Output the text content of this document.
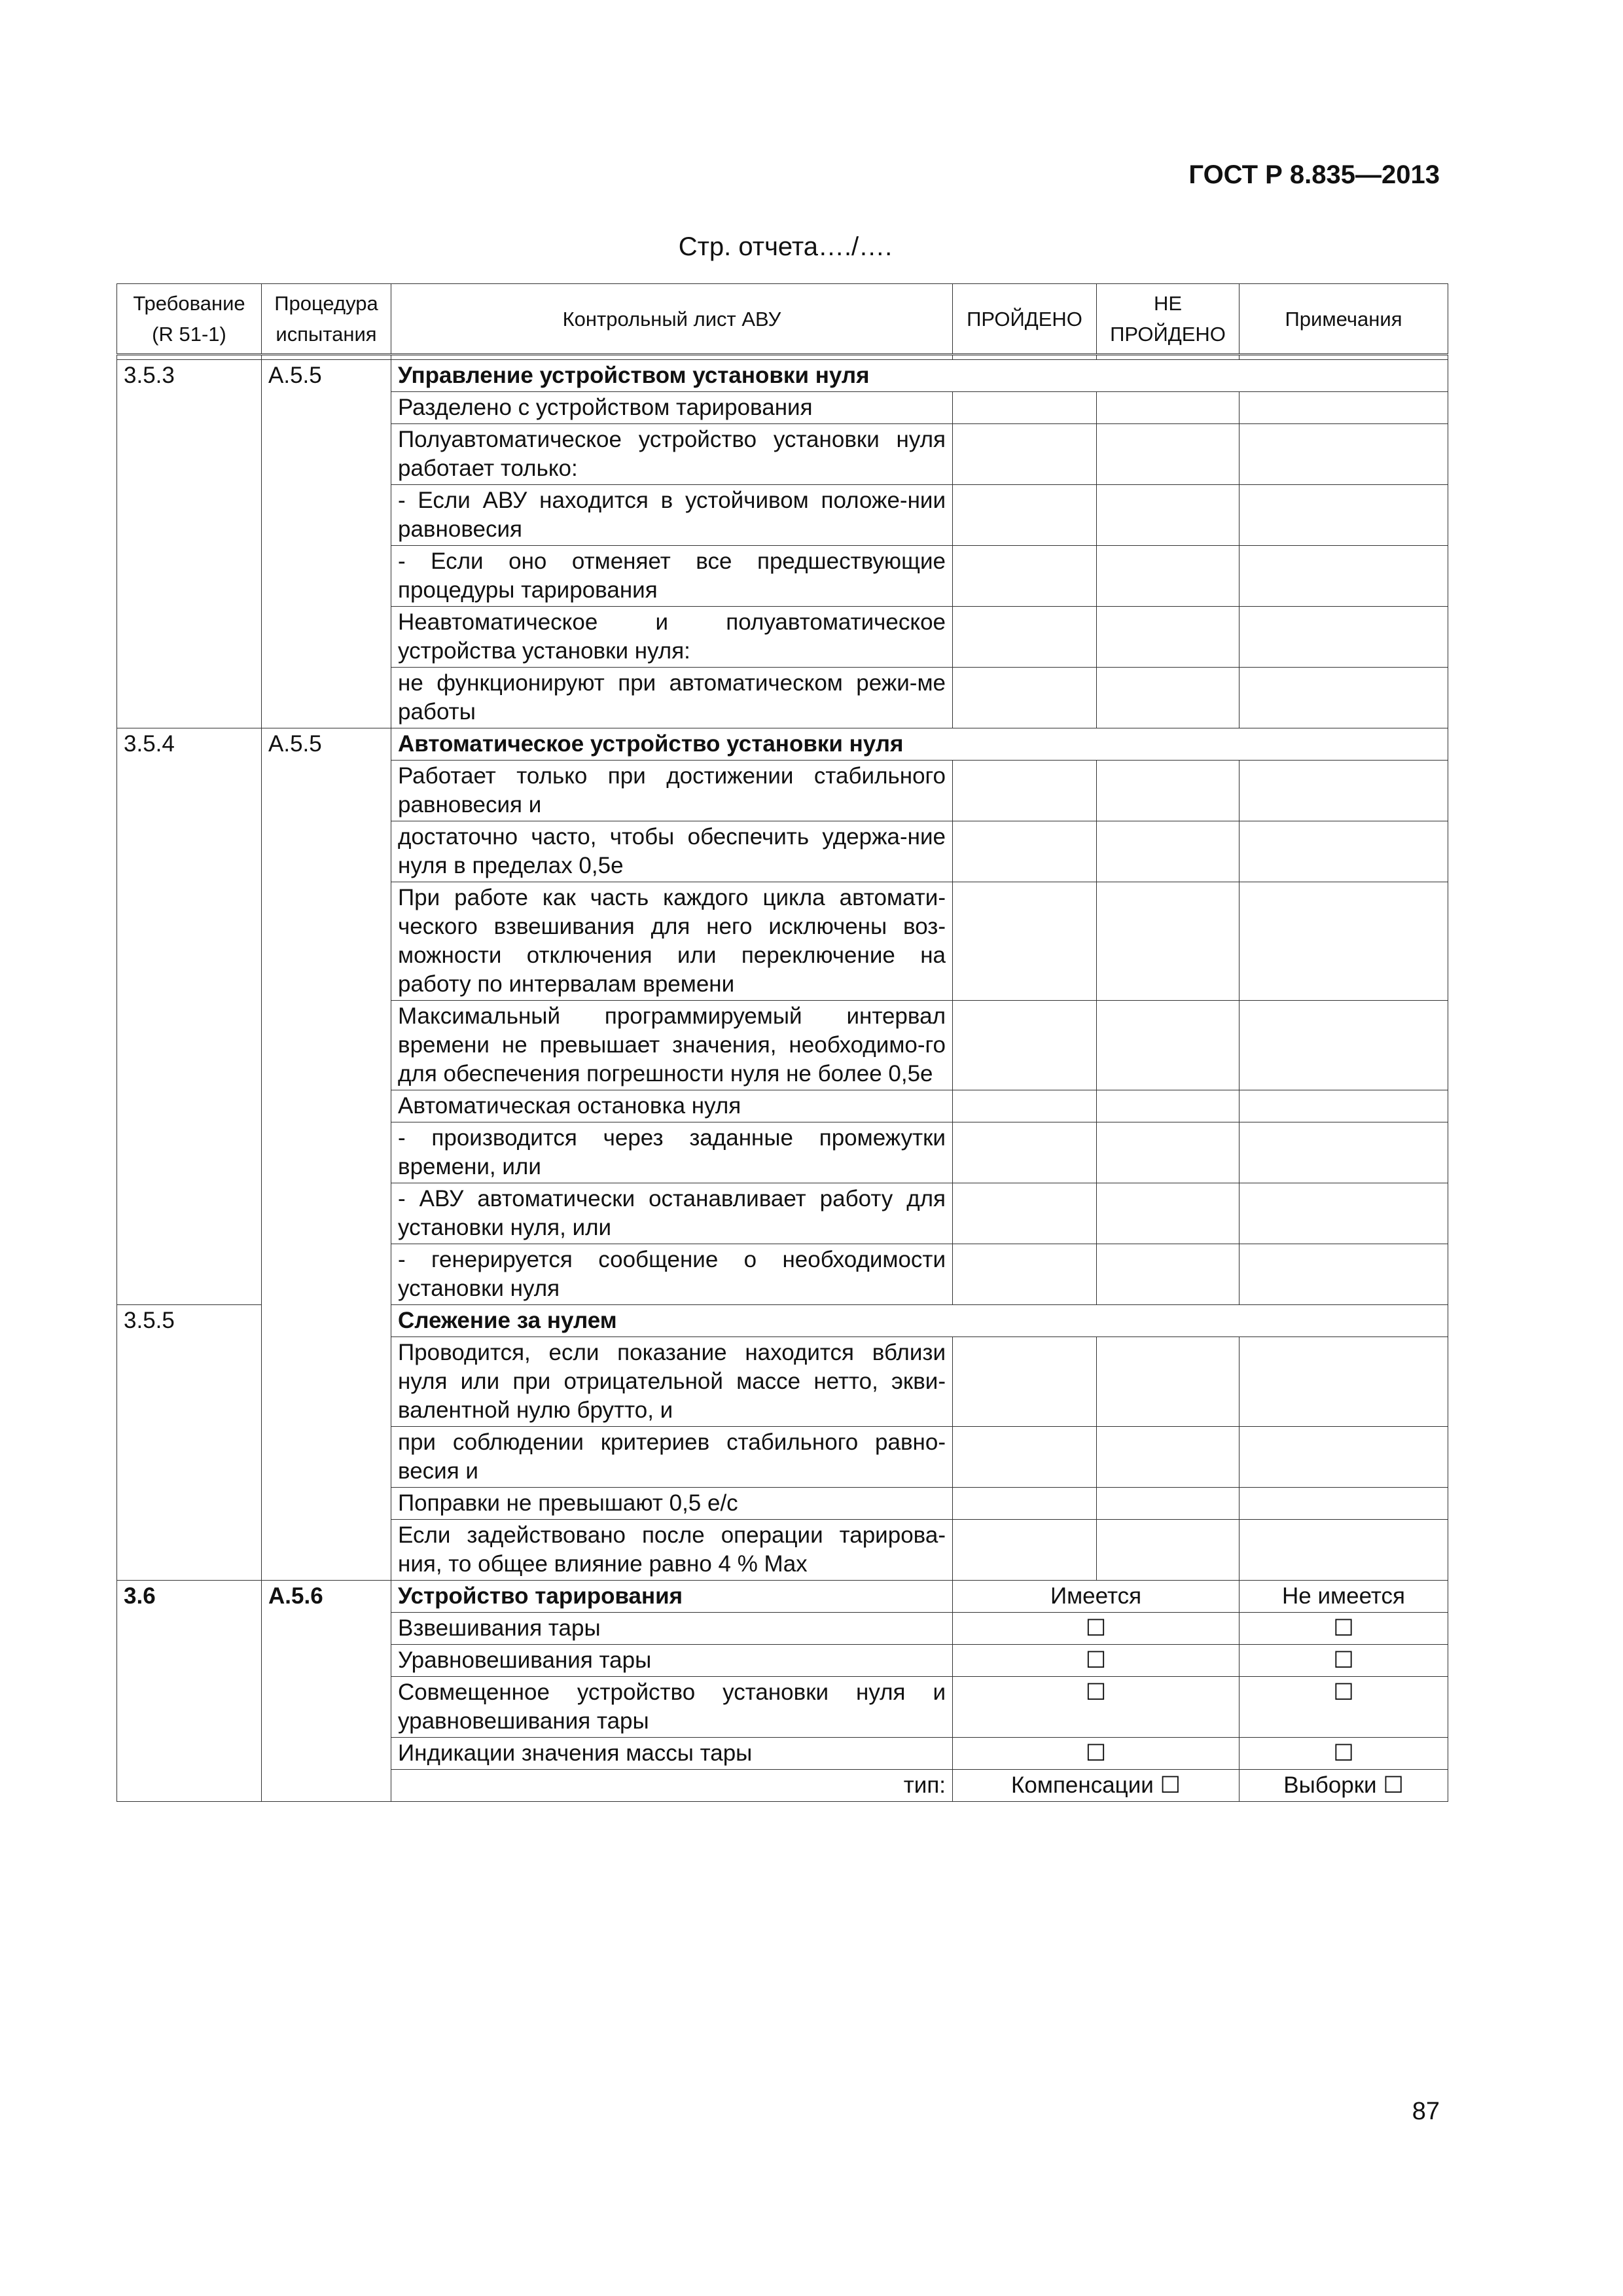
ГОСТ Р 8.835—2013
Стр. отчета…./….
Требование (R 51-1)	Процедура испытания	Контрольный лист АВУ	ПРОЙДЕНО	НЕ ПРОЙДЕНО	Примечания

3.5.3	А.5.5	Управление устройством установки нуля			
		Разделено с устройством тарирования			
		Полуавтоматическое устройство установки нуля работает только:			
		- Если АВУ находится в устойчивом положе-нии равновесия			
		- Если оно отменяет все предшествующие процедуры тарирования			
		Неавтоматическое и полуавтоматическое устройства установки нуля:			
		не функционируют при автоматическом режи-ме работы			
3.5.4	А.5.5	Автоматическое устройство установки нуля			
		Работает только при достижении стабильного равновесия и			
		достаточно часто, чтобы обеспечить удержа-ние нуля в пределах 0,5е			
		При работе как часть каждого цикла автомати-ческого взвешивания для него исключены воз-можности отключения или переключение на работу по интервалам времени			
		Максимальный программируемый интервал времени не превышает значения, необходимо-го для обеспечения погрешности нуля не более 0,5е			
		Автоматическая остановка нуля			
		- производится через заданные промежутки времени, или			
		- АВУ автоматически останавливает работу для установки нуля, или			
		- генерируется сообщение о необходимости установки нуля			
3.5.5		Слежение за нулем			
		Проводится, если показание находится вблизи нуля или при отрицательной массе нетто, экви-валентной нулю брутто, и			
		при соблюдении критериев стабильного равно-весия и			
		Поправки не превышают 0,5 е/с			
		Если задействовано после операции тарирова-ния, то общее влияние равно 4 % Max			
3.6	А.5.6	Устройство тарирования	Имеется		Не имеется
		Взвешивания тары	☐		☐
		Уравновешивания тары	☐		☐
		Совмещенное устройство установки нуля и уравновешивания тары	☐		☐
		Индикации значения массы тары	☐		☐
		тип:	Компенсации ☐		Выборки ☐
87
